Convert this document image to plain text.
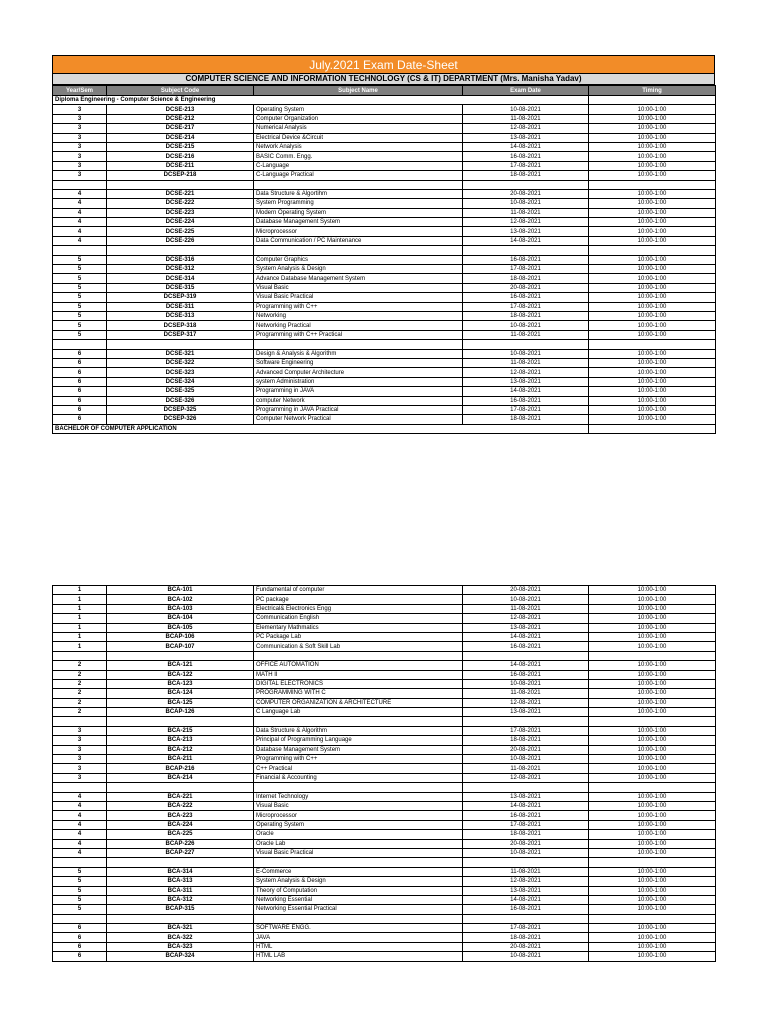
July.2021 Exam Date-Sheet
COMPUTER SCIENCE AND INFORMATION TECHNOLOGY (CS & IT) DEPARTMENT (Mrs. Manisha Yadav)
Year/Sem	Subject Code	Subject Name	Exam Date	Timing
Diploma Engineering - Computer Science & Engineering				
3	DCSE-213	Operating System	10-08-2021	10:00-1:00
3	DCSE-212	Computer Organization	11-08-2021	10:00-1:00
3	DCSE-217	Numerical Analysis	12-08-2021	10:00-1:00
3	DCSE-214	Electrical Device &Circuit	13-08-2021	10:00-1:00
3	DCSE-215	Network Analysis	14-08-2021	10:00-1:00
3	DCSE-216	BASIC Comm. Engg.	16-08-2021	10:00-1:00
3	DCSE-211	C-Language	17-08-2021	10:00-1:00
3	DCSEP-218	C-Language Practical	18-08-2021	10:00-1:00

4	DCSE-221	Data Structure & Algortihm	20-08-2021	10:00-1:00
4	DCSE-222	System Programming	10-08-2021	10:00-1:00
4	DCSE-223	Modern Operating System	11-08-2021	10:00-1:00
4	DCSE-224	Database Management System	12-08-2021	10:00-1:00
4	DCSE-225	Microprocessor	13-08-2021	10:00-1:00
4	DCSE-226	Data Communication / PC Maintenance	14-08-2021	10:00-1:00

5	DCSE-316	Computer Graphics	16-08-2021	10:00-1:00
5	DCSE-312	System Analysis & Design	17-08-2021	10:00-1:00
5	DCSE-314	Advance Database Management System	18-08-2021	10:00-1:00
5	DCSE-315	Visual Basic	20-08-2021	10:00-1:00
5	DCSEP-319	Visual Basic Practical	16-08-2021	10:00-1:00
5	DCSE-311	Programming with C++	17-08-2021	10:00-1:00
5	DCSE-313	Networking	18-08-2021	10:00-1:00
5	DCSEP-318	Networking Practical	10-08-2021	10:00-1:00
5	DCSEP-317	Programming with C++ Practical	11-08-2021	10:00-1:00

6	DCSE-321	Design & Analysis & Algorithm	10-08-2021	10:00-1:00
6	DCSE-322	Software Engineering	11-08-2021	10:00-1:00
6	DCSE-323	Advanced Computer Architecture	12-08-2021	10:00-1:00
6	DCSE-324	system Administration	13-08-2021	10:00-1:00
6	DCSE-325	Programming in JAVA	14-08-2021	10:00-1:00
6	DCSE-326	computer Network	16-08-2021	10:00-1:00
6	DCSEP-325	Programming in JAVA Practical	17-08-2021	10:00-1:00
6	DCSEP-326	Computer Network Practical	18-08-2021	10:00-1:00
BACHELOR OF COMPUTER APPLICATION				
1	BCA-101	Fundamental of computer	20-08-2021	10:00-1:00
1	BCA-102	PC package	10-08-2021	10:00-1:00
1	BCA-103	Electrical& Electronics Engg	11-08-2021	10:00-1:00
1	BCA-104	Communication English	12-08-2021	10:00-1:00
1	BCA-105	Elementary Mathmatics	13-08-2021	10:00-1:00
1	BCAP-106	PC Package Lab	14-08-2021	10:00-1:00
1	BCAP-107	Communication & Soft Skill Lab	16-08-2021	10:00-1:00

2	BCA-121	OFFICE AUTOMATION	14-08-2021	10:00-1:00
2	BCA-122	MATH II	16-08-2021	10:00-1:00
2	BCA-123	DIGITAL ELECTRONICS	10-08-2021	10:00-1:00
2	BCA-124	PROGRAMMING WITH C	11-08-2021	10:00-1:00
2	BCA-125	COMPUTER ORGANIZATION & ARCHITECTURE	12-08-2021	10:00-1:00
2	BCAP-126	C Language Lab	13-08-2021	10:00-1:00

3	BCA-215	Data Structure & Algorithm	17-08-2021	10:00-1:00
3	BCA-213	Principal of Programming Language	18-08-2021	10:00-1:00
3	BCA-212	Database Management System	20-08-2021	10:00-1:00
3	BCA-211	Programming with C++	10-08-2021	10:00-1:00
3	BCAP-216	C++ Practical	11-08-2021	10:00-1:00
3	BCA-214	Financial & Accounting	12-08-2021	10:00-1:00

4	BCA-221	Internet Technology	13-08-2021	10:00-1:00
4	BCA-222	Visual Basic	14-08-2021	10:00-1:00
4	BCA-223	Microprocessor	16-08-2021	10:00-1:00
4	BCA-224	Operating System	17-08-2021	10:00-1:00
4	BCA-225	Oracle	18-08-2021	10:00-1:00
4	BCAP-226	Oracle Lab	20-08-2021	10:00-1:00
4	BCAP-227	Visual Basic Practical	10-08-2021	10:00-1:00

5	BCA-314	E-Commerce	11-08-2021	10:00-1:00
5	BCA-313	System Analysis & Design	12-08-2021	10:00-1:00
5	BCA-311	Theory of Computation	13-08-2021	10:00-1:00
5	BCA-312	Networking Essential	14-08-2021	10:00-1:00
5	BCAP-315	Networking Essential Practical	16-08-2021	10:00-1:00

6	BCA-321	SOFTWARE ENGG.	17-08-2021	10:00-1:00
6	BCA-322	JAVA	18-08-2021	10:00-1:00
6	BCA-323	HTML	20-08-2021	10:00-1:00
6	BCAP-324	HTML LAB	10-08-2021	10:00-1:00
